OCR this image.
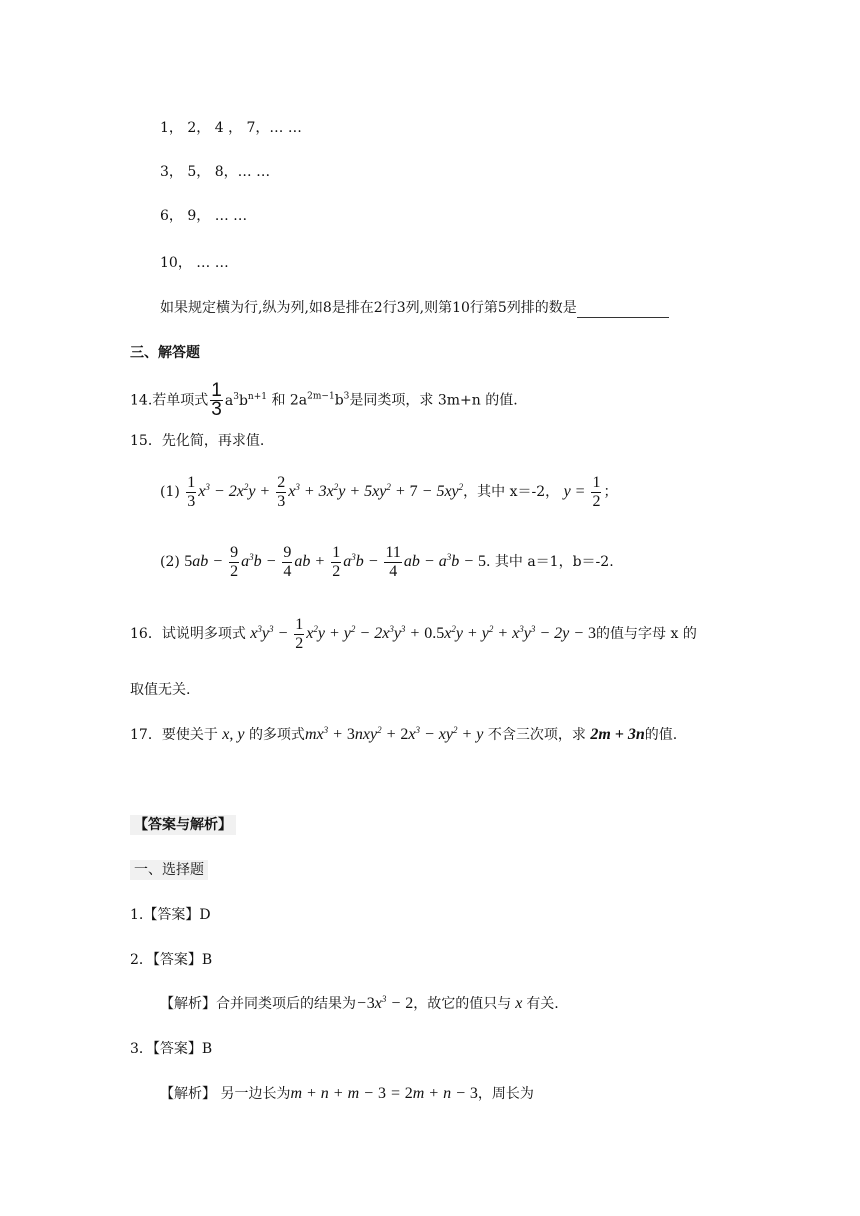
1， 2， 4 ， 7，… …
3， 5， 8，… …
6， 9， … …
10， … …
如果规定横为行,纵为列,如8是排在2行3列,则第10行第5列排的数是
三、解答题
14.若单项式 $\frac{1}{3} a^3b^{n+1}$ 和 $2a^{2m-1}b^3$是同类项，求 3m+n 的值.
15．先化简，再求值.
$(1) \frac{1}{3} x^3 - 2x^2y + \frac{2}{3} x^3 + 3x^2y + 5xy^2 + 7 - 5xy^2$，其中 x＝-2， $y = \frac{1}{2}$ ；
(2) $5ab - \frac{9}{2} a^3b - \frac{9}{4}$ ab + $\frac{1}{2} a^3b - \frac{11}{4}$ ab − $a^3b - 5$. 其中 a＝1，b＝-2.
16．试说明多项式 $x^3y^3 - \frac{1}{2} x^2y + y^2 - 2x^3y^3 + 0.5x^2y + y^2 + x^3y^3 - 2y - 3$的值与字母 x 的
取值无关.
17．要使关于 x, y 的多项式$mx^3 + 3nxy^2 + 2x^3 - xy^2 + y$ 不含三次项，求 2m + 3n的值.
【答案与解析】
一、选择题
1.【答案】D
2．【答案】B
【解析】合并同类项后的结果为$-3x^3 - 2$，故它的值只与 x 有关.
3．【答案】B
【解析】 另一边长为m + n + m − 3 = 2m + n − 3，周长为
